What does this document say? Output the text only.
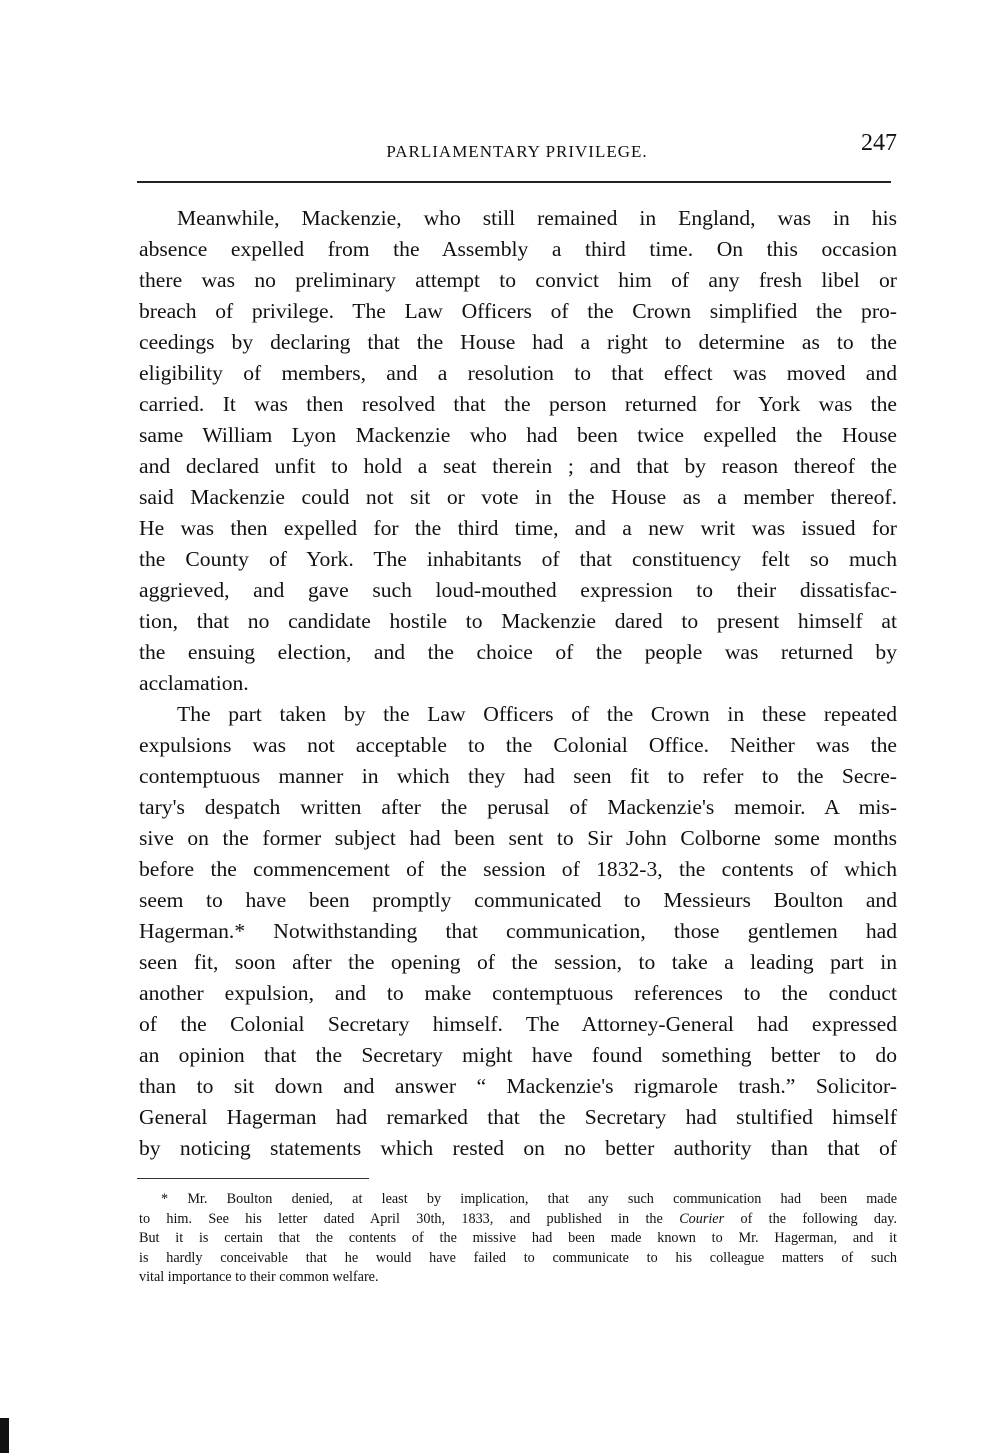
PARLIAMENTARY PRIVILEGE.	247
Meanwhile, Mackenzie, who still remained in England, was in his
absence expelled from the Assembly a third time. On this occasion
there was no preliminary attempt to convict him of any fresh libel or
breach of privilege. The Law Officers of the Crown simplified the pro-
ceedings by declaring that the House had a right to determine as to the
eligibility of members, and a resolution to that effect was moved and
carried. It was then resolved that the person returned for York was the
same William Lyon Mackenzie who had been twice expelled the House
and declared unfit to hold a seat therein ; and that by reason thereof the
said Mackenzie could not sit or vote in the House as a member thereof.
He was then expelled for the third time, and a new writ was issued for
the County of York. The inhabitants of that constituency felt so much
aggrieved, and gave such loud-mouthed expression to their dissatisfac-
tion, that no candidate hostile to Mackenzie dared to present himself at
the ensuing election, and the choice of the people was returned by
acclamation.
The part taken by the Law Officers of the Crown in these repeated
expulsions was not acceptable to the Colonial Office. Neither was the
contemptuous manner in which they had seen fit to refer to the Secre-
tary's despatch written after the perusal of Mackenzie's memoir. A mis-
sive on the former subject had been sent to Sir John Colborne some months
before the commencement of the session of 1832-3, the contents of which
seem to have been promptly communicated to Messieurs Boulton and
Hagerman.* Notwithstanding that communication, those gentlemen had
seen fit, soon after the opening of the session, to take a leading part in
another expulsion, and to make contemptuous references to the conduct
of the Colonial Secretary himself. The Attorney-General had expressed
an opinion that the Secretary might have found something better to do
than to sit down and answer “ Mackenzie's rigmarole trash.” Solicitor-
General Hagerman had remarked that the Secretary had stultified himself
by noticing statements which rested on no better authority than that of
* Mr. Boulton denied, at least by implication, that any such communication had been made
to him. See his letter dated April 30th, 1833, and published in the Courier of the following day.
But it is certain that the contents of the missive had been made known to Mr. Hagerman, and it
is hardly conceivable that he would have failed to communicate to his colleague matters of such
vital importance to their common welfare.
